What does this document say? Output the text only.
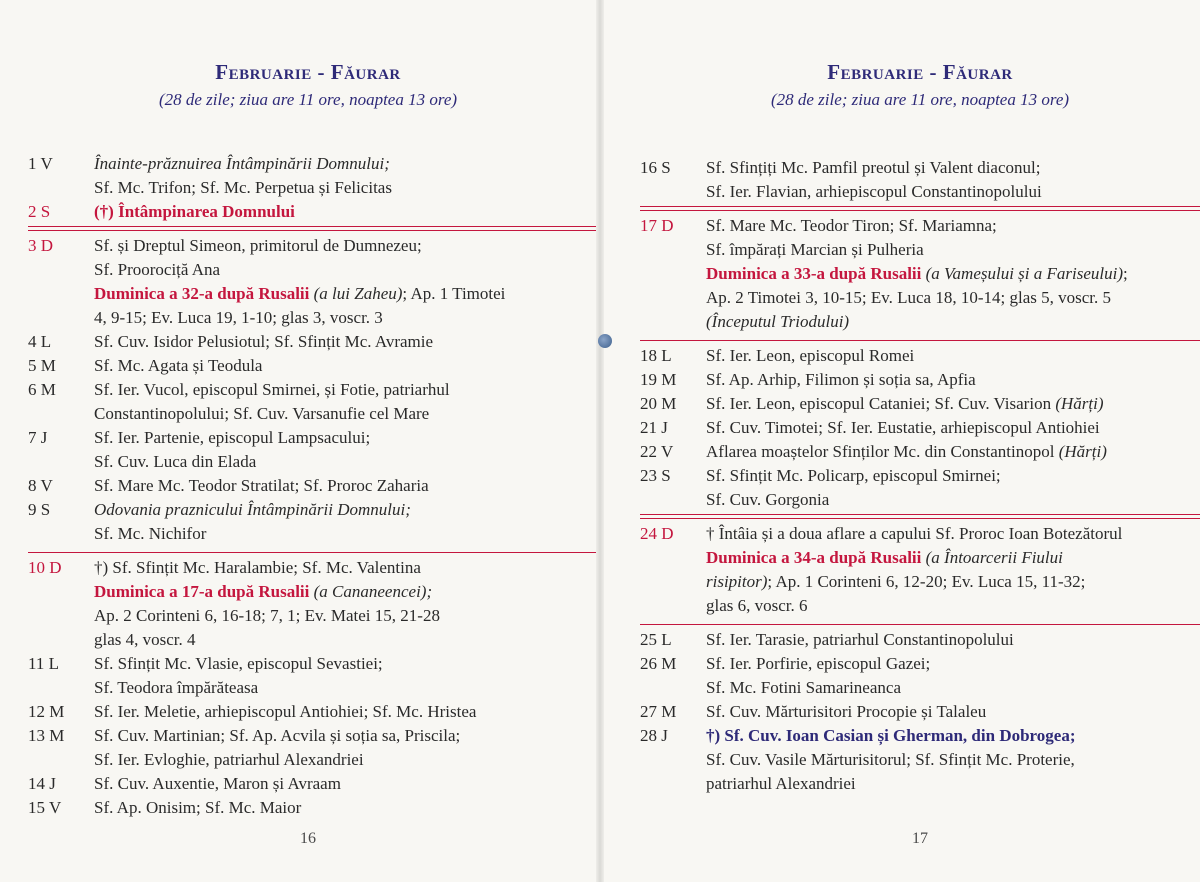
Februarie - Făurar
(28 de zile; ziua are 11 ore, noaptea 13 ore)
1 V	Înainte-prăznuirea Întâmpinării Domnului;
Sf. Mc. Trifon; Sf. Mc. Perpetua și Felicitas
2 S	(†) Întâmpinarea Domnului
3 D	Sf. și Dreptul Simeon, primitorul de Dumnezeu;
Sf. Proorociță Ana
Duminica a 32-a după Rusalii (a lui Zaheu); Ap. 1 Timotei
4, 9-15; Ev. Luca 19, 1-10; glas 3, voscr. 3
4 L	Sf. Cuv. Isidor Pelusiotul; Sf. Sfințit Mc. Avramie
5 M	Sf. Mc. Agata și Teodula
6 M	Sf. Ier. Vucol, episcopul Smirnei, și Fotie, patriarhul
Constantinopolului; Sf. Cuv. Varsanufie cel Mare
7 J	Sf. Ier. Partenie, episcopul Lampsacului;
Sf. Cuv. Luca din Elada
8 V	Sf. Mare Mc. Teodor Stratilat; Sf. Proroc Zaharia
9 S	Odovania praznicului Întâmpinării Domnului;
Sf. Mc. Nichifor
10 D	†) Sf. Sfințit Mc. Haralambie; Sf. Mc. Valentina
Duminica a 17-a după Rusalii (a Cananeencei);
Ap. 2 Corinteni 6, 16-18; 7, 1; Ev. Matei 15, 21-28
glas 4, voscr. 4
11 L	Sf. Sfințit Mc. Vlasie, episcopul Sevastiei;
Sf. Teodora împărăteasa
12 M	Sf. Ier. Meletie, arhiepiscopul Antiohiei; Sf. Mc. Hristea
13 M	Sf. Cuv. Martinian; Sf. Ap. Acvila și soția sa, Priscila;
Sf. Ier. Evloghie, patriarhul Alexandriei
14 J	Sf. Cuv. Auxentie, Maron și Avraam
15 V	Sf. Ap. Onisim; Sf. Mc. Maior
16
Februarie - Făurar
(28 de zile; ziua are 11 ore, noaptea 13 ore)
16 S	Sf. Sfințiți Mc. Pamfil preotul și Valent diaconul;
Sf. Ier. Flavian, arhiepiscopul Constantinopolului
17 D	Sf. Mare Mc. Teodor Tiron; Sf. Mariamna;
Sf. împărați Marcian și Pulheria
Duminica a 33-a după Rusalii (a Vameșului și a Fariseului);
Ap. 2 Timotei 3, 10-15; Ev. Luca 18, 10-14; glas 5, voscr. 5
(Începutul Triodului)
18 L	Sf. Ier. Leon, episcopul Romei
19 M	Sf. Ap. Arhip, Filimon și soția sa, Apfia
20 M	Sf. Ier. Leon, episcopul Cataniei; Sf. Cuv. Visarion (Hărți)
21 J	Sf. Cuv. Timotei; Sf. Ier. Eustatie, arhiepiscopul Antiohiei
22 V	Aflarea moaștelor Sfinților Mc. din Constantinopol (Hărți)
23 S	Sf. Sfințit Mc. Policarp, episcopul Smirnei;
Sf. Cuv. Gorgonia
24 D	† Întâia și a doua aflare a capului Sf. Proroc Ioan Botezătorul
Duminica a 34-a după Rusalii (a Întoarcerii Fiului
risipitor); Ap. 1 Corinteni 6, 12-20; Ev. Luca 15, 11-32;
glas 6, voscr. 6
25 L	Sf. Ier. Tarasie, patriarhul Constantinopolului
26 M	Sf. Ier. Porfirie, episcopul Gazei;
Sf. Mc. Fotini Samarineanca
27 M	Sf. Cuv. Mărturisitori Procopie și Talaleu
28 J	†) Sf. Cuv. Ioan Casian și Gherman, din Dobrogea;
Sf. Cuv. Vasile Mărturisitorul; Sf. Sfințit Mc. Proterie,
patriarhul Alexandriei
17
